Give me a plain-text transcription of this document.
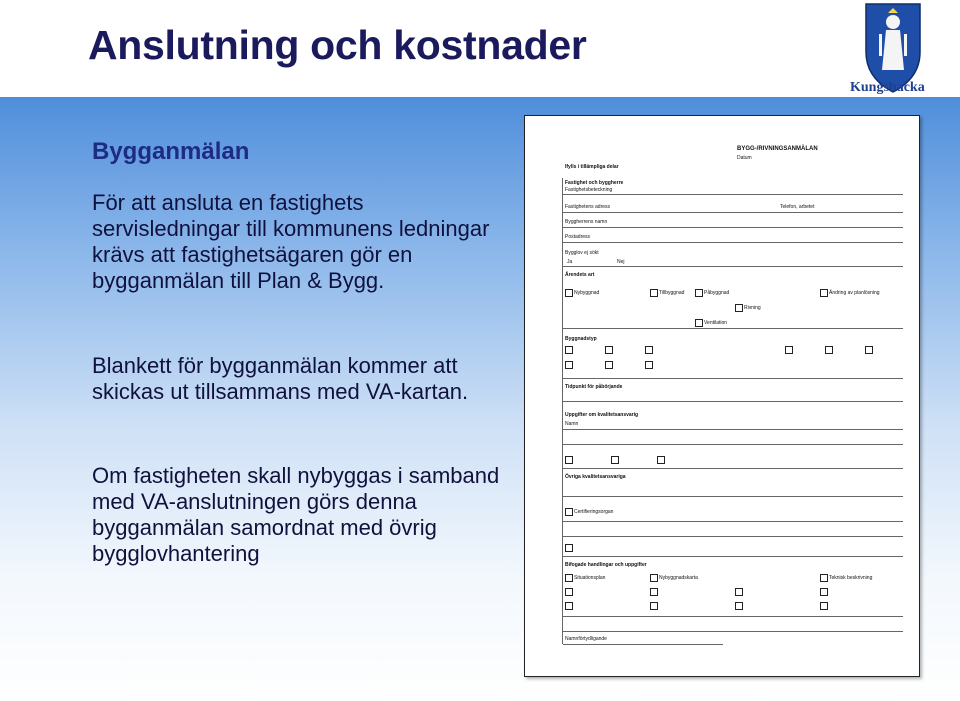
Anslutning och kostnader
Kungsbacka
Bygganmälan
För att ansluta en fastighets servisledningar till kommunens ledningar krävs att fastighetsägaren gör en bygganmälan till Plan & Bygg.
Blankett för bygganmälan kommer att skickas ut tillsammans med VA-kartan.
Om fastigheten skall nybyggas i samband med VA-anslutningen görs denna bygganmälan samordnat med övrig bygglovhantering
BYGG-/RIVNINGSANMÄLAN
Datum
Ifylls i tillämpliga delar
Fastighet och byggherre
Fastighetsbeteckning
Fastighetens adress	Telefon, arbetet
Byggherrens namn
Postadress
Bygglov ej sökt
Ja	Nej
Ärendets art
Nybyggnad	Tillbyggnad	Påbyggnad	Ändring av planlösning
Rivning
Ventilation
Byggnadstyp
Tidpunkt för påbörjande
Uppgifter om kvalitetsansvarig
Namn
Övriga kvalitetsansvariga
Certifieringsorgan
Bifogade handlingar och uppgifter
Situationsplan	Nybyggnadskarta	Teknisk beskrivning
Namnförtydligande
